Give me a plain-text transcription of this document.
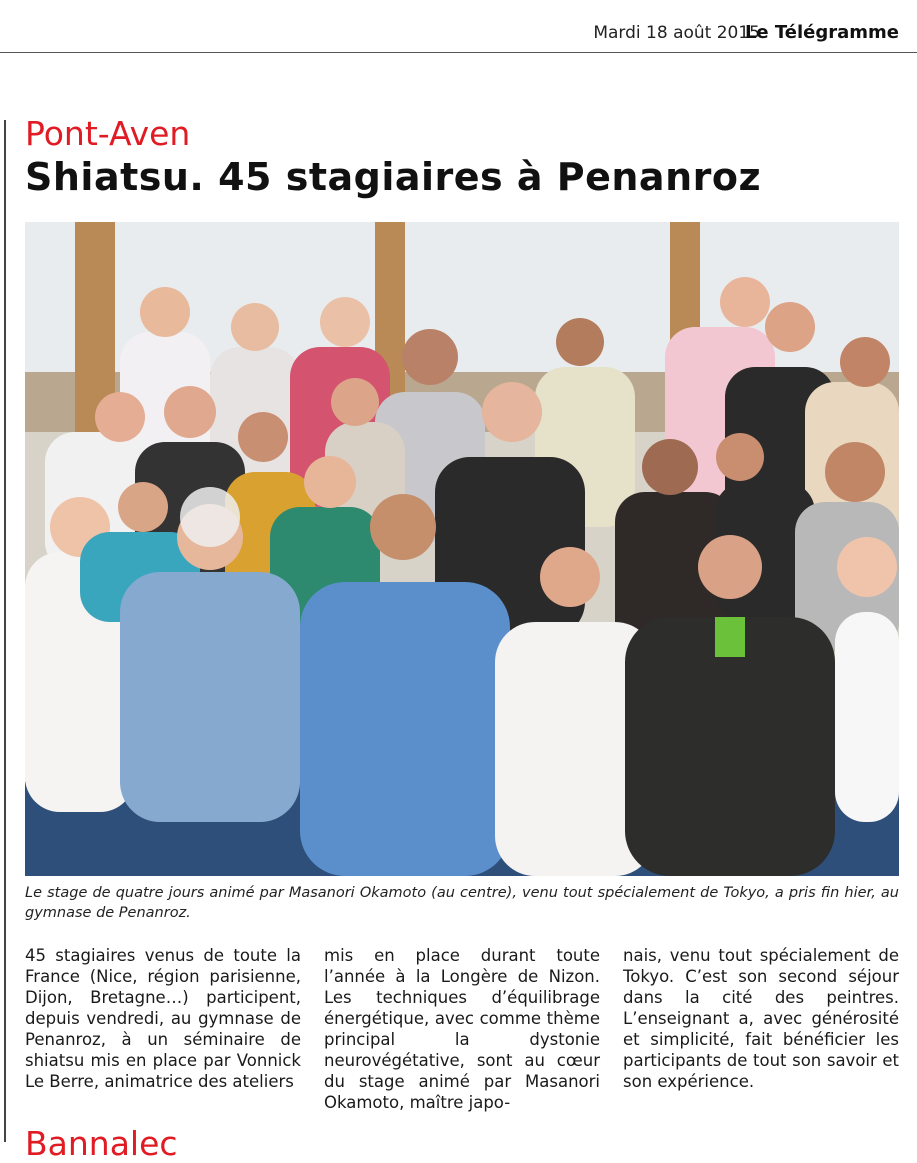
Mardi 18 août 2015
Le Télégramme
Pont-Aven
Shiatsu. 45 stagiaires à Penanroz
Le stage de quatre jours animé par Masanori Okamoto (au centre), venu tout spécialement de Tokyo, a pris fin hier, au gymnase de Penanroz.
45 stagiaires venus de toute la France (Nice, région parisienne, Dijon, Bretagne…) participent, depuis vendredi, au gymnase de Penanroz, à un séminaire de shiatsu mis en place par Vonnick Le Berre, animatrice des ateliers
mis en place durant toute l’année à la Longère de Nizon. Les techniques d’équilibrage énergétique, avec comme thème principal la dystonie neurovégétative, sont au cœur du stage animé par Masanori Okamoto, maître japo-
nais, venu tout spécialement de Tokyo. C’est son second séjour dans la cité des peintres. L’enseignant a, avec générosité et simplicité, fait bénéficier les participants de tout son savoir et son expérience.
Bannalec
